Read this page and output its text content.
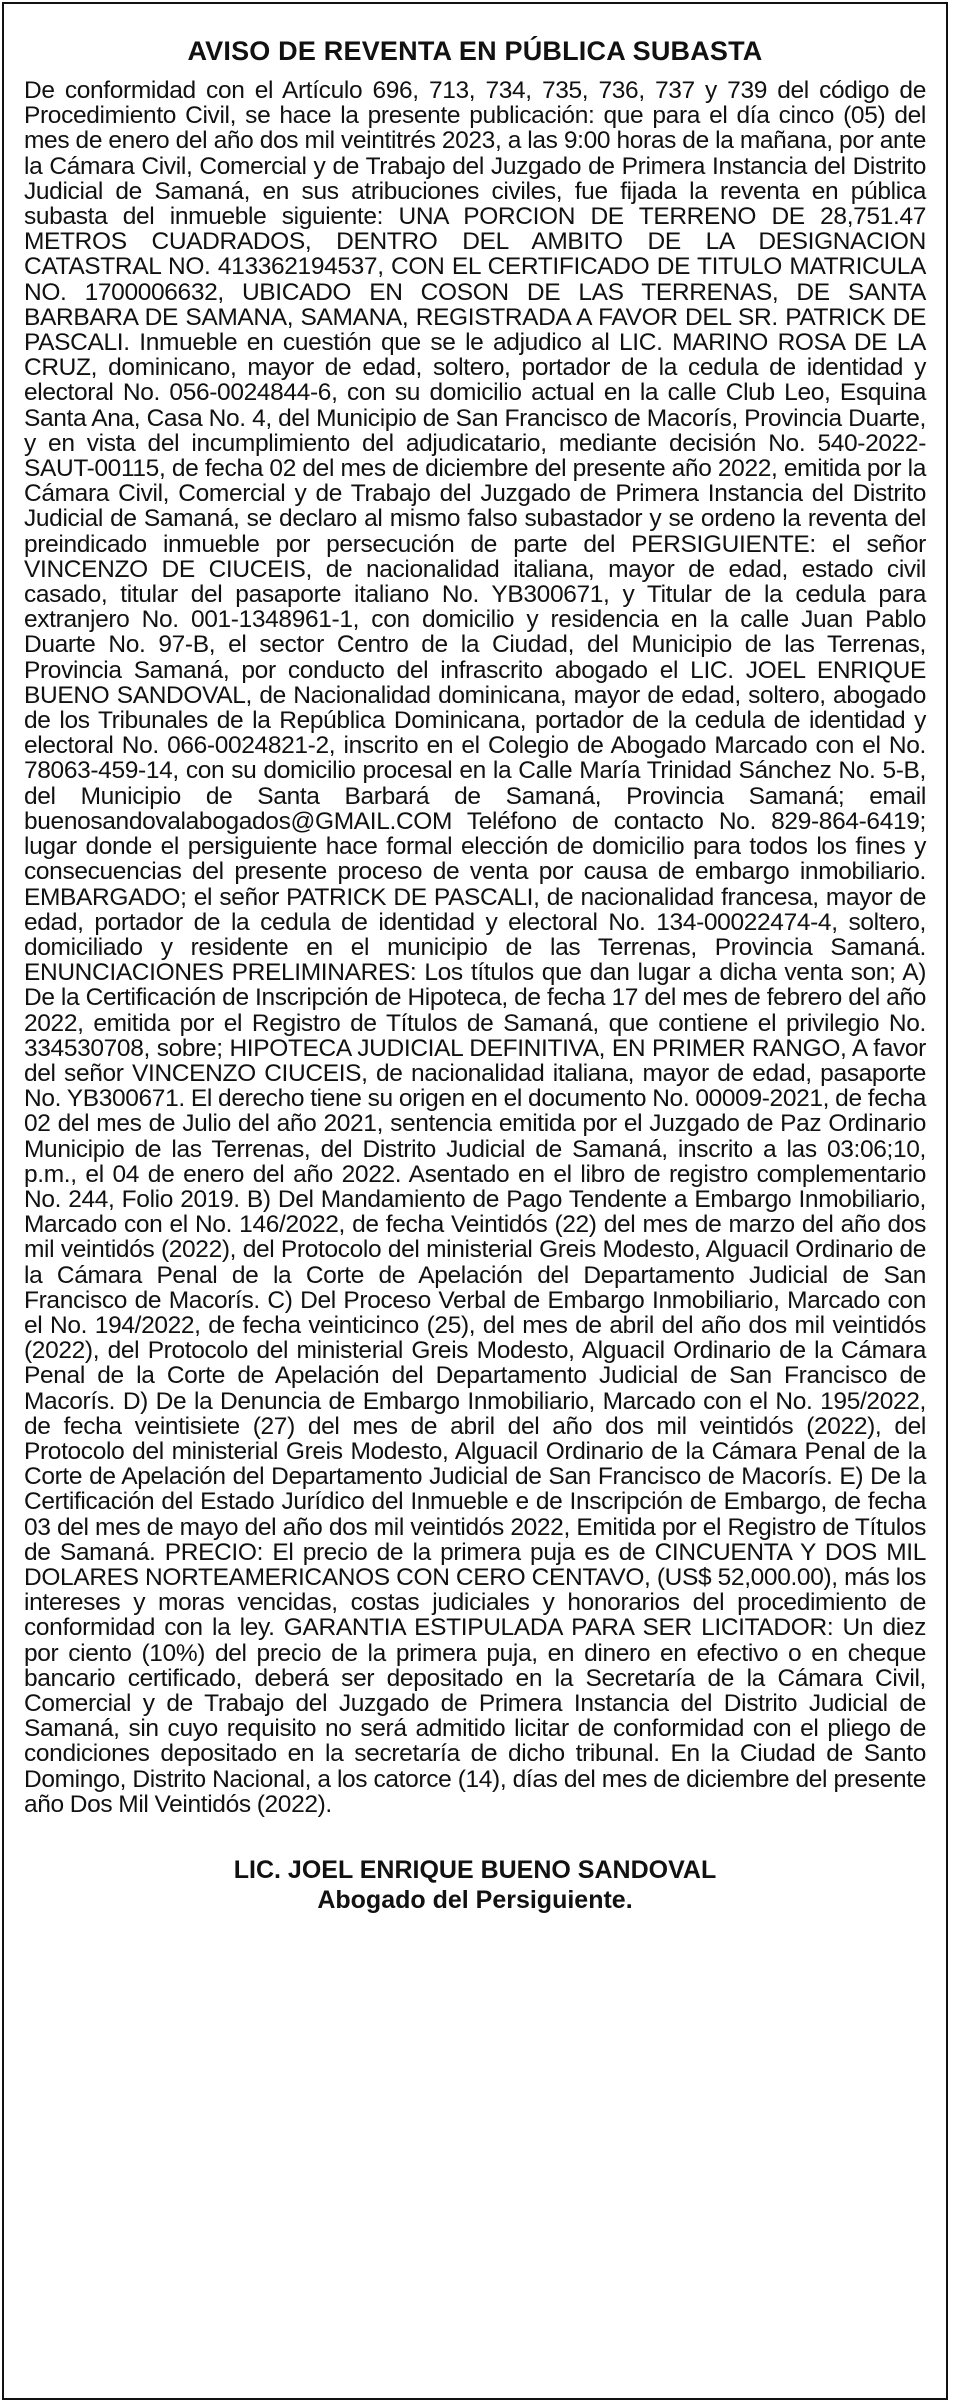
AVISO DE REVENTA EN PÚBLICA SUBASTA

De conformidad con el Artículo 696, 713, 734, 735, 736, 737 y 739 del código de Procedimiento Civil, se hace la presente publicación: que para el día cinco (05) del mes de enero del año dos mil veintitrés 2023, a las 9:00 horas de la mañana, por ante la Cámara Civil, Comercial y de Trabajo del Juzgado de Primera Instancia del Distrito Judicial de Samaná, en sus atribuciones civiles, fue fijada la reventa en pública subasta del inmueble siguiente: UNA PORCION DE TERRENO DE 28,751.47 METROS CUADRADOS, DENTRO DEL AMBITO DE LA DESIGNACION CATASTRAL NO. 413362194537, CON EL CERTIFICADO DE TITULO MATRICULA NO. 1700006632, UBICADO EN COSON DE LAS TERRENAS, DE SANTA BARBARA DE SAMANA, SAMANA, REGISTRADA A FAVOR DEL SR. PATRICK DE PASCALI. Inmueble en cuestión que se le adjudico al LIC. MARINO ROSA DE LA CRUZ, dominicano, mayor de edad, soltero, portador de la cedula de identidad y electoral No. 056-0024844-6, con su domicilio actual en la calle Club Leo, Esquina Santa Ana, Casa No. 4, del Municipio de San Francisco de Macorís, Provincia Duarte, y en vista del incumplimiento del adjudicatario, mediante decisión No. 540-2022-SAUT-00115, de fecha 02 del mes de diciembre del presente año 2022, emitida por la Cámara Civil, Comercial y de Trabajo del Juzgado de Primera Instancia del Distrito Judicial de Samaná, se declaro al mismo falso subastador y se ordeno la reventa del preindicado inmueble por persecución de parte del PERSIGUIENTE: el señor VINCENZO DE CIUCEIS, de nacionalidad italiana, mayor de edad, estado civil casado, titular del pasaporte italiano No. YB300671, y Titular de la cedula para extranjero No. 001-1348961-1, con domicilio y residencia en la calle Juan Pablo Duarte No. 97-B, el sector Centro de la Ciudad, del Municipio de las Terrenas, Provincia Samaná, por conducto del infrascrito abogado el LIC. JOEL ENRIQUE BUENO SANDOVAL, de Nacionalidad dominicana, mayor de edad, soltero, abogado de los Tribunales de la República Dominicana, portador de la cedula de identidad y electoral No. 066-0024821-2, inscrito en el Colegio de Abogado Marcado con el No. 78063-459-14, con su domicilio procesal en la Calle María Trinidad Sánchez No. 5-B, del Municipio de Santa Barbará de Samaná, Provincia Samaná; email buenosandovalabogados@GMAIL.COM Teléfono de contacto No. 829-864-6419; lugar donde el persiguiente hace formal elección de domicilio para todos los fines y consecuencias del presente proceso de venta por causa de embargo inmobiliario. EMBARGADO; el señor PATRICK DE PASCALI, de nacionalidad francesa, mayor de edad, portador de la cedula de identidad y electoral No. 134-00022474-4, soltero, domiciliado y residente en el municipio de las Terrenas, Provincia Samaná. ENUNCIACIONES PRELIMINARES: Los títulos que dan lugar a dicha venta son; A) De la Certificación de Inscripción de Hipoteca, de fecha 17 del mes de febrero del año 2022, emitida por el Registro de Títulos de Samaná, que contiene el privilegio No. 334530708, sobre; HIPOTECA JUDICIAL DEFINITIVA, EN PRIMER RANGO, A favor del señor VINCENZO CIUCEIS, de nacionalidad italiana, mayor de edad, pasaporte No. YB300671. El derecho tiene su origen en el documento No. 00009-2021, de fecha 02 del mes de Julio del año 2021, sentencia emitida por el Juzgado de Paz Ordinario Municipio de las Terrenas, del Distrito Judicial de Samaná, inscrito a las 03:06;10, p.m., el 04 de enero del año 2022. Asentado en el libro de registro complementario No. 244, Folio 2019. B) Del Mandamiento de Pago Tendente a Embargo Inmobiliario, Marcado con el No. 146/2022, de fecha Veintidós (22) del mes de marzo del año dos mil veintidós (2022), del Protocolo del ministerial Greis Modesto, Alguacil Ordinario de la Cámara Penal de la Corte de Apelación del Departamento Judicial de San Francisco de Macorís. C) Del Proceso Verbal de Embargo Inmobiliario, Marcado con el No. 194/2022, de fecha veinticinco (25), del mes de abril del año dos mil veintidós (2022), del Protocolo del ministerial Greis Modesto, Alguacil Ordinario de la Cámara Penal de la Corte de Apelación del Departamento Judicial de San Francisco de Macorís. D) De la Denuncia de Embargo Inmobiliario, Marcado con el No. 195/2022, de fecha veintisiete (27) del mes de abril del año dos mil veintidós (2022), del Protocolo del ministerial Greis Modesto, Alguacil Ordinario de la Cámara Penal de la Corte de Apelación del Departamento Judicial de San Francisco de Macorís. E) De la Certificación del Estado Jurídico del Inmueble e de Inscripción de Embargo, de fecha 03 del mes de mayo del año dos mil veintidós 2022, Emitida por el Registro de Títulos de Samaná. PRECIO: El precio de la primera puja es de CINCUENTA Y DOS MIL DOLARES NORTEAMERICANOS CON CERO CENTAVO, (US$ 52,000.00), más los intereses y moras vencidas, costas judiciales y honorarios del procedimiento de conformidad con la ley. GARANTIA ESTIPULADA PARA SER LICITADOR: Un diez por ciento (10%) del precio de la primera puja, en dinero en efectivo o en cheque bancario certificado, deberá ser depositado en la Secretaría de la Cámara Civil, Comercial y de Trabajo del Juzgado de Primera Instancia del Distrito Judicial de Samaná, sin cuyo requisito no será admitido licitar de conformidad con el pliego de condiciones depositado en la secretaría de dicho tribunal. En la Ciudad de Santo Domingo, Distrito Nacional, a los catorce (14), días del mes de diciembre del presente año Dos Mil Veintidós (2022).

LIC. JOEL ENRIQUE BUENO SANDOVAL
Abogado del Persiguiente.
